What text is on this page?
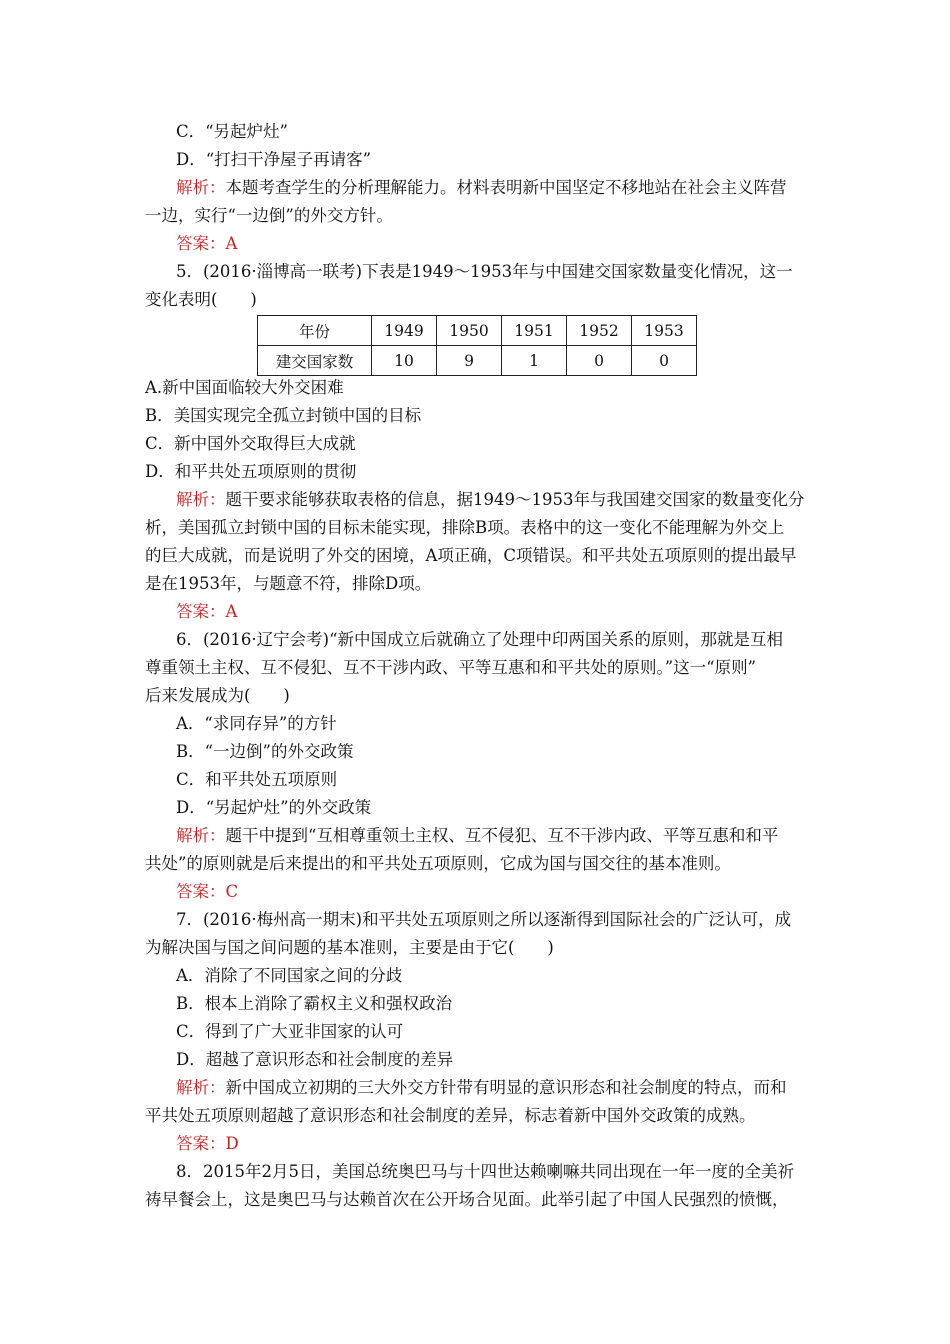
C．“另起炉灶”
D．“打扫干净屋子再请客”
解析：本题考查学生的分析理解能力。材料表明新中国坚定不移地站在社会主义阵营
一边，实行“一边倒”的外交方针。
答案：A
5．(2016·淄博高一联考)下表是1949～1953年与中国建交国家数量变化情况，这一
变化表明(　　)
年份	1949	1950	1951	1952	1953
建交国家数	10	9	1	0	0
A.新中国面临较大外交困难
B．美国实现完全孤立封锁中国的目标
C．新中国外交取得巨大成就
D．和平共处五项原则的贯彻
解析：题干要求能够获取表格的信息，据1949～1953年与我国建交国家的数量变化分
析，美国孤立封锁中国的目标未能实现，排除B项。表格中的这一变化不能理解为外交上
的巨大成就，而是说明了外交的困境，A项正确，C项错误。和平共处五项原则的提出最早
是在1953年，与题意不符，排除D项。
答案：A
6．(2016·辽宁会考)“新中国成立后就确立了处理中印两国关系的原则，那就是互相
尊重领土主权、互不侵犯、互不干涉内政、平等互惠和和平共处的原则。”这一“原则”
后来发展成为(　　)
A．“求同存异”的方针
B．“一边倒”的外交政策
C．和平共处五项原则
D．“另起炉灶”的外交政策
解析：题干中提到“互相尊重领土主权、互不侵犯、互不干涉内政、平等互惠和和平
共处”的原则就是后来提出的和平共处五项原则，它成为国与国交往的基本准则。
答案：C
7．(2016·梅州高一期末)和平共处五项原则之所以逐渐得到国际社会的广泛认可，成
为解决国与国之间问题的基本准则，主要是由于它(　　)
A．消除了不同国家之间的分歧
B．根本上消除了霸权主义和强权政治
C．得到了广大亚非国家的认可
D．超越了意识形态和社会制度的差异
解析：新中国成立初期的三大外交方针带有明显的意识形态和社会制度的特点，而和
平共处五项原则超越了意识形态和社会制度的差异，标志着新中国外交政策的成熟。
答案：D
8．2015年2月5日，美国总统奥巴马与十四世达赖喇嘛共同出现在一年一度的全美祈
祷早餐会上，这是奥巴马与达赖首次在公开场合见面。此举引起了中国人民强烈的愤慨，
